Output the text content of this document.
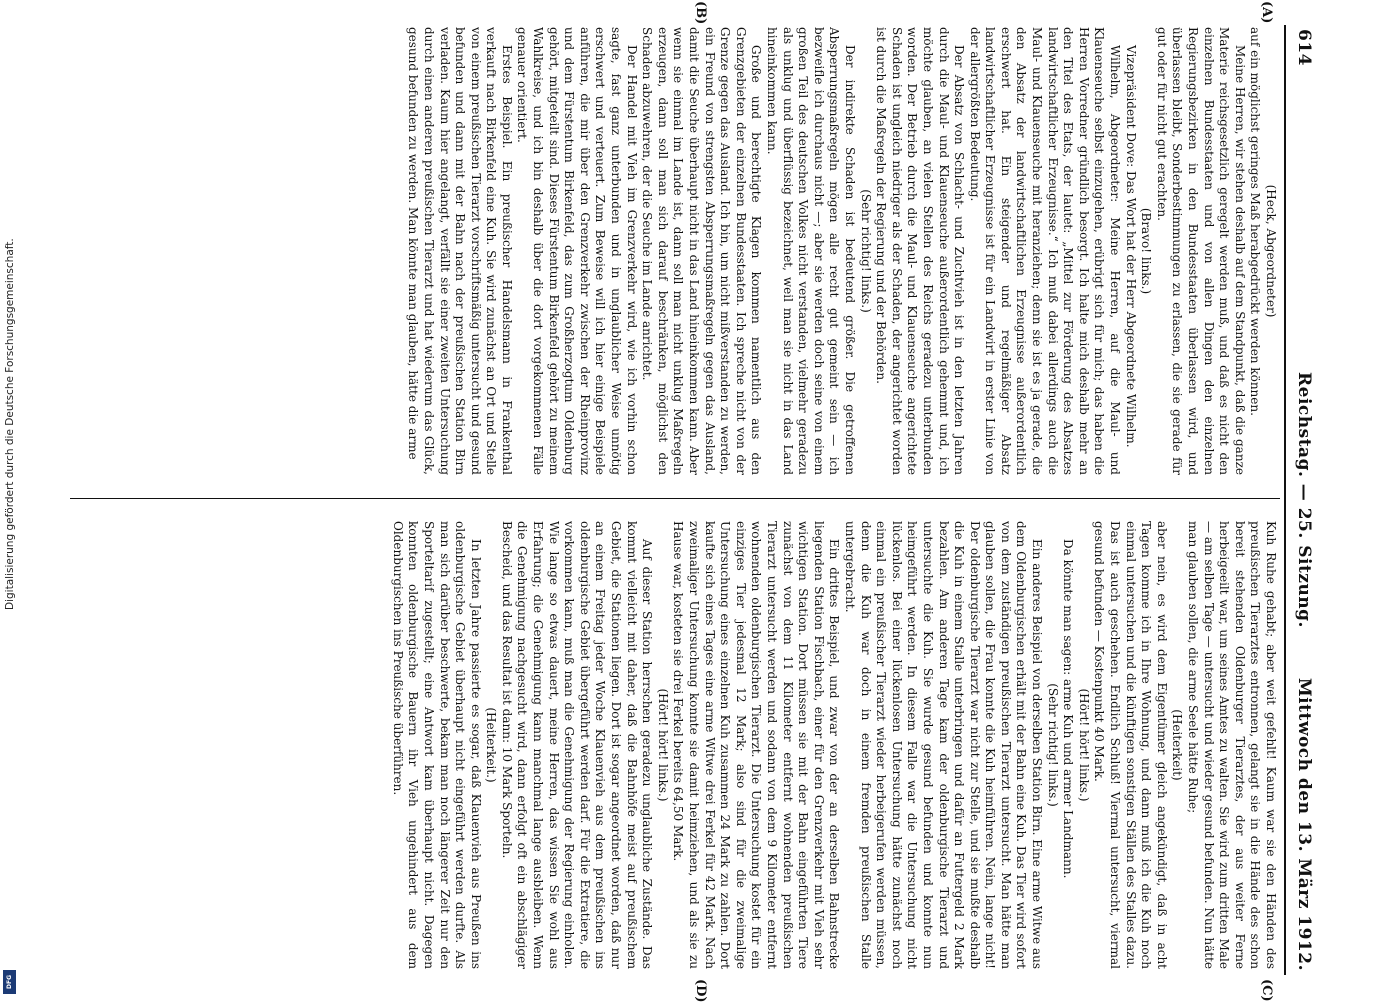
614
Reichstag. — 25. Sitzung.
Mittwoch den 13. März 1912.
(A)
(B)
(C)
(D)

(Heck, Abgeordneter)

auf ein möglichst geringes Maß herabgedrückt werden können.

Meine Herren, wir stehen deshalb auf dem Standpunkt, daß die ganze Materie reichsgesetzlich geregelt werden muß, und daß es nicht den einzelnen Bundesstaaten und von allen Dingen den einzelnen Regierungsbezirken in den Bundesstaaten überlassen wird, und überlassen bleibt, Sonderbestimmungen zu erlassen, die sie gerade für gut oder für nicht gut erachten.

(Bravo! links.)

Vizepräsident Dove: Das Wort hat der Herr Abgeordnete Wilhelm.

Wilhelm, Abgeordneter: Meine Herren, auf die Maul- und Klauenseuche selbst einzugehen, erübrigt sich für mich; das haben die Herren Vorredner gründlich besorgt. Ich halte mich deshalb mehr an den Titel des Etats, der lautet: „Mittel zur Förderung des Absatzes landwirtschaftlicher Erzeugnisse.“ Ich muß dabei allerdings auch die Maul- und Klauenseuche mit heranziehen; denn sie ist es ja gerade, die den Absatz der landwirtschaftlichen Erzeugnisse außerordentlich erschwert hat. Ein steigender und regelmäßiger Absatz landwirtschaftlicher Erzeugnisse ist für ein Landwirt in erster Linie von der allergrößten Bedeutung.

Der Absatz von Schlacht- und Zuchtvieh ist in den letzten Jahren durch die Maul- und Klauenseuche außerordentlich gehemmt und, ich möchte glauben, an vielen Stellen des Reichs geradezu unterbunden worden. Der Betrieb durch die Maul- und Klauenseuche angerichtete Schaden ist ungleich niedriger als der Schaden, der angerichtet worden ist durch die Maßregeln der Regierung und der Behörden.

(Sehr richtig! links.)

Der indirekte Schaden ist bedeutend größer. Die getroffenen Absperrungsmaßregeln mögen alle recht gut gemeint sein — ich bezweifle ich durchaus nicht —; aber sie werden doch seine von einem großen Teil des deutschen Volkes nicht verstanden, vielmehr geradezu als unklug und überflüssig bezeichnet, weil man sie nicht in das Land hineinkommen kann.

Große und berechtigte Klagen kommen namentlich aus den Grenzgebieten der einzelnen Bundesstaaten. Ich spreche nicht von der Grenze gegen das Ausland. Ich bin, um nicht mißverstanden zu werden, ein Freund von strengsten Absperrungsmaßregeln gegen das Ausland, damit die Seuche überhaupt nicht in das Land hineinkommen kann. Aber wenn sie einmal im Lande ist, dann soll man nicht unklug Maßregeln erzeugen, dann soll man sich darauf beschränken, möglichst den Schaden abzuwehren, der die Seuche im Lande anrichtet.

Der Handel mit Vieh im Grenzverkehr wird, wie ich vorhin schon sagte, fast ganz unterbunden und in unglaublicher Weise unnötig erschwert und verteuert. Zum Beweise will ich hier einige Beispiele anführen, die mir über den Grenzverkehr zwischen der Rheinprovinz und dem Fürstentum Birkenfeld, das zum Großherzogtum Oldenburg gehört, mitgeteilt sind. Dieses Fürstentum Birkenfeld gehört zu meinem Wahlkreise, und ich bin deshalb über die dort vorgekommenen Fälle genauer orientiert.

Erstes Beispiel. Ein preußischer Handelsmann in Frankenthal verkauft nach Birkenfeld eine Kuh. Sie wird zunächst an Ort und Stelle von einem preußischen Tierarzt vorschriftsmäßig untersucht und gesund befunden und dann mit der Bahn nach der preußischen Station Birn verladen. Kaum hier angelangt, verfällt sie einer zweiten Untersuchung durch einen anderen preußischen Tierarzt und hat wiederum das Glück, gesund befunden zu werden. Man könnte man glauben, hätte die arme

Kuh Ruhe gehabt; aber weit gefehlt! Kaum war sie den Händen des preußischen Tierarztes entronnen, gelangt sie in die Hände des schon bereit stehenden Oldenburger Tierarztes, der aus weiter Ferne herbeigeeilt war, um seines Amtes zu walten. Sie wird zum dritten Male — am selben Tage — untersucht und wieder gesund befunden. Nun hätte man glauben sollen, die arme Seele hätte Ruhe;

(Heiterkeit)

aber nein, es wird dem Eigentümer gleich angekündigt, daß in acht Tagen komme ich in Ihre Wohnung, und dann muß ich die Kuh noch einmal untersuchen und die künftigen sonstigen Ställen des Stalles dazu. Das ist auch geschehen. Endlich Schluß! Viermal untersucht, viermal gesund befunden — Kostenpunkt 40 Mark.

(Hört! hört! links.)

Da könnte man sagen: arme Kuh und armer Landmann.

(Sehr richtig! links.)

Ein anderes Beispiel von derselben Station Birn. Eine arme Witwe aus dem Oldenburgischen erhält mit der Bahn eine Kuh. Das Tier wird sofort von dem zuständigen preußischen Tierarzt untersucht. Man hätte man glauben sollen, die Frau konnte die Kuh heimführen. Nein, lange nicht! Der oldenburgische Tierarzt war nicht zur Stelle, und sie mußte deshalb die Kuh in einem Stalle unterbringen und dafür an Futtergeld 2 Mark bezahlen. Am anderen Tage kam der oldenburgische Tierarzt und untersuchte die Kuh. Sie wurde gesund befunden und konnte nun heimgeführt werden. In diesem Falle war die Untersuchung nicht lückenlos. Bei einer lückenlosen Untersuchung hätte zunächst noch einmal ein preußischer Tierarzt wieder herbeigerufen werden müssen, denn die Kuh war doch in einem fremden preußischen Stalle untergebracht.

Ein drittes Beispiel, und zwar von der an derselben Bahnstrecke liegenden Station Fischbach, einer für den Grenzverkehr mit Vieh sehr wichtigen Station. Dort müssen sie mit der Bahn eingeführten Tiere zunächst von dem 11 Kilometer entfernt wohnenden preußischen Tierarzt untersucht werden und sodann von dem 9 Kilometer entfernt wohnenden oldenburgischen Tierarzt. Die Untersuchung kostet für ein einziges Tier jedesmal 12 Mark; also sind für die zweimalige Untersuchung eines einzelnen Kuh zusammen 24 Mark zu zahlen. Dort kaufte sich eines Tages eine arme Witwe drei Ferkel für 42 Mark. Nach zweimaliger Untersuchung konnte sie damit heimziehen, und als sie zu Hause war, kosteten sie drei Ferkel bereits 64,50 Mark.

(Hört! hört! links.)

Auf dieser Station herrschen geradezu unglaubliche Zustände. Das kommt vielleicht mit daher, daß die Bahnhöfe meist auf preußischem Gebiet, die Stationen liegen. Dort ist sogar angeordnet worden, daß nur an einem Freitag jeder Woche Klauenvieh aus dem preußischen ins oldenburgische Gebiet übergeführt werden darf. Für die Extratiere, die vorkommen kann, muß man die Genehmigung der Regierung einholen. Wie lange so etwas dauert, meine Herren, das wissen Sie wohl aus Erfahrung; die Genehmigung kann manchmal lange ausbleiben. Wenn die Genehmigung nachgesucht wird, dann erfolgt oft ein abschlägiger Bescheid, und das Resultat ist dann: 10 Mark Sporteln.

(Heiterkeit.)

In letzten Jahre passierte es sogar, daß Klauenvieh aus Preußen ins oldenburgische Gebiet überhaupt nicht eingeführt werden durfte. Als man sich darüber beschwerte, bekam man noch längerer Zeit nur den Sporteltarif zugestellt; eine Antwort kam überhaupt nicht. Dagegen konnten oldenburgische Bauern ihr Vieh ungehindert aus dem Oldenburgischen ins Preußische überführen.

Digitalisierung gefördert durch die Deutsche Forschungsgemeinschaft.
DFG
